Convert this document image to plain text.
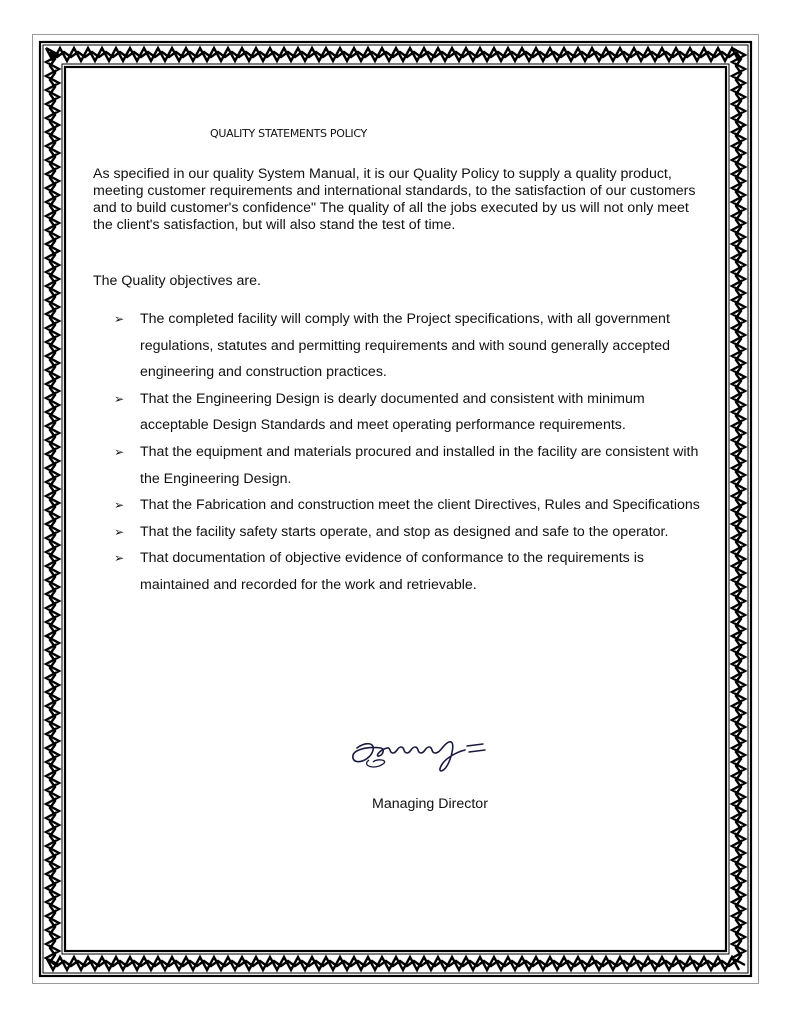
QUALITY STATEMENTS POLICY
As specified in our quality System Manual, it is our Quality Policy to supply a quality product, meeting customer requirements and international standards, to the satisfaction of our customers and to build customer's confidence" The quality of all the jobs executed by us will not only meet the client's satisfaction, but will also stand the test of time.
The Quality objectives are.
➢ The completed facility will comply with the Project specifications, with all government regulations, statutes and permitting requirements and with sound generally accepted engineering and construction practices.
➢ That the Engineering Design is dearly documented and consistent with minimum acceptable Design Standards and meet operating performance requirements.
➢ That the equipment and materials procured and installed in the facility are consistent with the Engineering Design.
➢ That the Fabrication and construction meet the client Directives, Rules and Specifications
➢ That the facility safety starts operate, and stop as designed and safe to the operator.
➢ That documentation of objective evidence of conformance to the requirements is maintained and recorded for the work and retrievable.
Managing Director
